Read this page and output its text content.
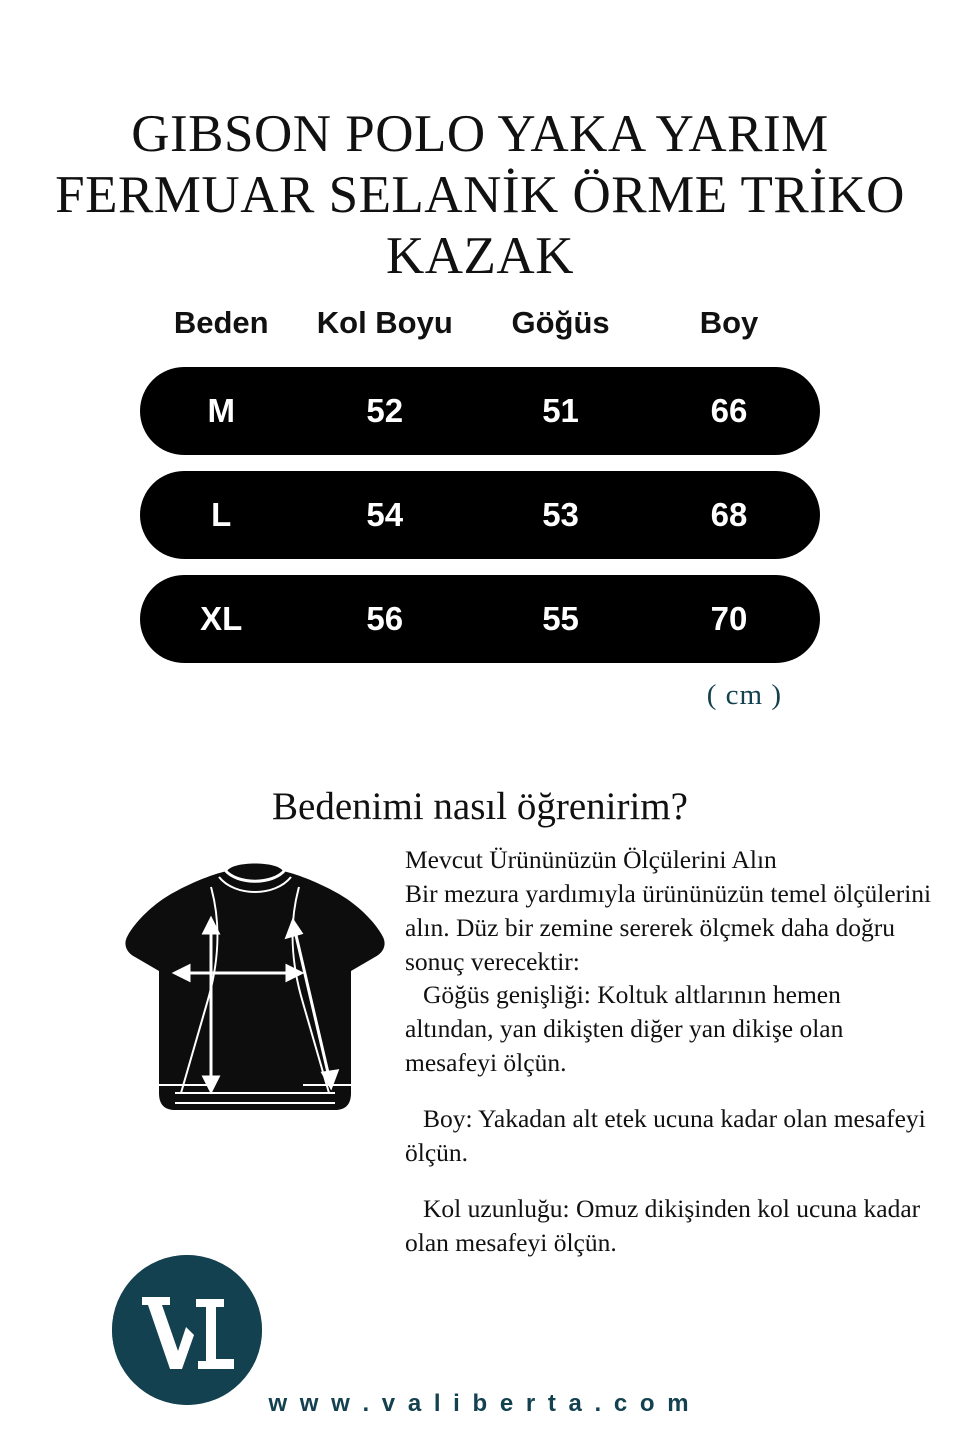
GIBSON POLO YAKA YARIM FERMUAR SELANİK ÖRME TRİKO KAZAK
Beden	Kol Boyu	Göğüs	Boy
M	52	51	66
L	54	53	68
XL	56	55	70
( cm )
Bedenimi nasıl öğrenirim?

Mevcut Ürününüzün Ölçülerini Alın

Bir mezura yardımıyla ürününüzün temel ölçülerini alın. Düz bir zemine sererek ölçmek daha doğru sonuç verecektir:

Göğüs genişliği: Koltuk altlarının hemen altından, yan dikişten diğer yan dikişe olan mesafeyi ölçün.

Boy: Yakadan alt etek ucuna kadar olan mesafeyi ölçün.

Kol uzunluğu: Omuz dikişinden kol ucuna kadar olan mesafeyi ölçün.

w w w . v a l i b e r t a . c o m
